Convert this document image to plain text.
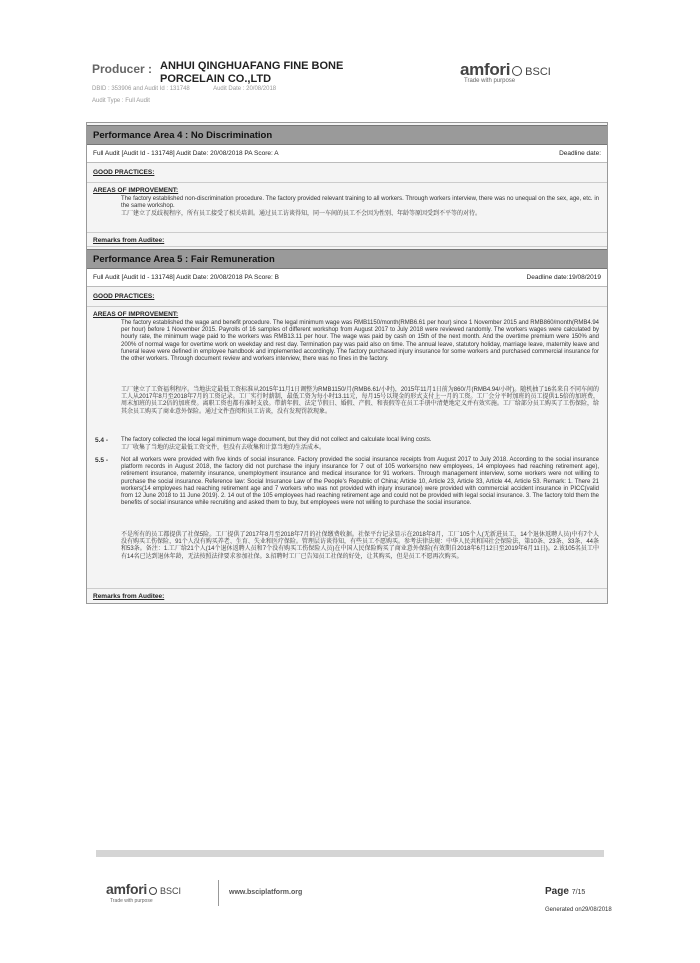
Producer : ANHUI QINGHUAFANG FINE BONE PORCELAIN CO.,LTD
DBID : 353906 and Audit Id : 131748	Audit Date : 20/08/2018
Audit Type : Full Audit
amfori BSCI
Trade with purpose
Performance Area 4 : No Discrimination
Full Audit [Audit Id - 131748] Audit Date: 20/08/2018 PA Score: A	Deadline date:
GOOD PRACTICES:
AREAS OF IMPROVEMENT:
The factory established non-discrimination procedure. The factory provided relevant training to all workers. Through workers interview, there was no unequal on the sex, age, etc. in the same workshop.
工厂建立了反歧视程序，所有员工接受了相关培训。通过员工访谈得知，同一车间的员工不会因为性别、年龄等原因受到不平等的对待。
Remarks from Auditee:
Performance Area 5 : Fair Remuneration
Full Audit [Audit Id - 131748] Audit Date: 20/08/2018 PA Score: B	Deadline date:19/08/2019
GOOD PRACTICES:
AREAS OF IMPROVEMENT:
The factory established the wage and benefit procedure. The legal minimum wage was RMB1150/month(RMB6.61 per hour) since 1 November 2015 and RMB860/month(RMB4.94 per hour) before 1 November 2015. Payrolls of 16 samples of different workshop from August 2017 to July 2018 were reviewed randomly. The workers wages were calculated by hourly rate, the minimum wage paid to the workers was RMB13.11 per hour. The wage was paid by cash on 15th of the next month. And the overtime premium were 150% and 200% of normal wage for overtime work on weekday and rest day. Termination pay was paid also on time. The annual leave, statutory holiday, marriage leave, maternity leave and funeral leave were defined in employee handbook and implemented accordingly. The factory purchased injury insurance for some workers and purchased commercial insurance for the other workers. Through document review and workers interview, there was no fines in the factory.
工厂建立了工资福利程序。当地法定最低工资标准从2015年11月1日调整为RMB1150/月(RMB6.61/小时)，2015年11月1日前为860/月(RMB4.94/小时)。随机抽了16名来自不同车间的工人从2017年8月至2018年7月的工资记录。工厂实行时薪制，最低工资为每小时13.11元，每月15号以现金的形式支付上一月的工资。工厂会分平时加班的员工提供1.5倍的加班费，周末加班的员工2倍的加班费。离职工资也都有准时支放。带薪年假、法定节假日、婚假、产假、和丧假等在员工手册中清楚地定义并有效实施。工厂给部分员工购买了工伤保险，给其余员工购买了商业意外保险。通过文件查阅和员工访谈，没有发现罚款现象。
5.4 - The factory collected the local legal minimum wage document, but they did not collect and calculate local living costs.
工厂收集了当地的法定最低工资文件，但没有去收集和计算当地的生活成本。
5.5 - Not all workers were provided with five kinds of social insurance. Factory provided the social insurance receipts from August 2017 to July 2018. According to the social insurance platform records in August 2018, the factory did not purchase the injury insurance for 7 out of 105 workers(no new employees, 14 employees had reaching retirement age), retirement insurance, maternity insurance, unemployment insurance and medical insurance for 91 workers. Through management interview, some workers were not willing to purchase the social insurance. Reference law: Social Insurance Law of the People's Republic of China; Article 10, Article 23, Article 33, Article 44, Article 53. Remark: 1. There 21 workers(14 employees had reaching retirement age and 7 workers who was not provided with injury insurance) were provided with commercial accident insurance in PICC(valid from 12 June 2018 to 11 June 2019). 2. 14 out of the 105 employees had reaching retirement age and could not be provided with legal social insurance. 3. The factory told them the benefits of social insurance while recruiting and asked them to buy, but employees were not willing to purchase the social insurance.
不是所有的员工都提供了社保5险。工厂提供了2017年8月至2018年7月的社保缴费收据。社保平台记录显示在2018年8月，工厂105个人(无新进员工，14个退休返聘人员)中有7个人没有购买工伤保险，91个人没有购买养老、生育、失业和医疗保险。管理层访谈得知，有些员工不愿购买。参考法律法规：中华人民共和国社会保险法，第10条、23条、33条、44条和53条。备注：1.工厂给21个人(14个退休返聘人员和7个没有购买工伤保险人员)在中国人民保险购买了商业意外保险(有效期自2018年6月12日至2019年6月11日)。2.该105名员工中有14名已达到退休年龄，无法按照法律要求参加社保。3.招聘时工厂已告知员工社保的好处，让其购买，但是员工不愿再次购买。
Remarks from Auditee:
amfori BSCI
Trade with purpose
www.bsciplatform.org	Page 7/15
Generated on29/08/2018
